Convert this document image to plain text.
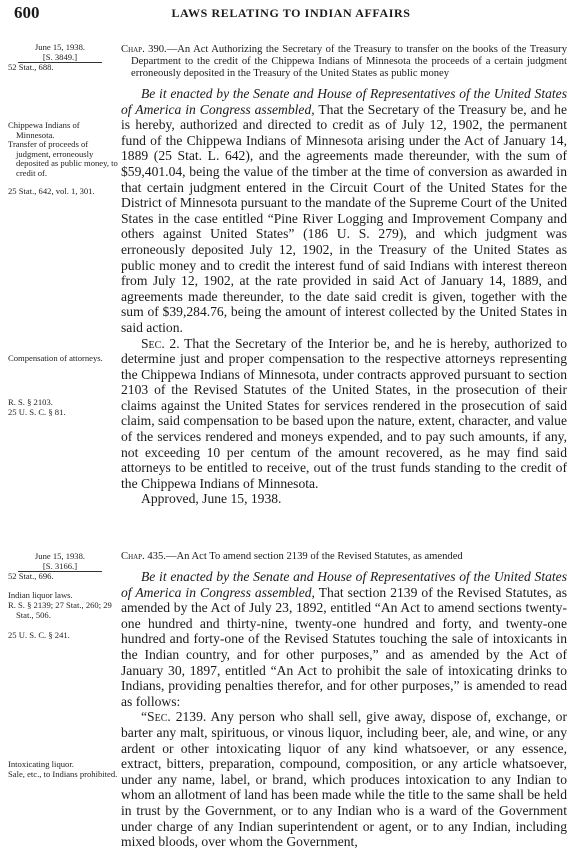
600	LAWS RELATING TO INDIAN AFFAIRS
June 15, 1938.
[S. 3849.]
52 Stat., 688.
Chippewa Indians of Minnesota.
Transfer of proceeds of judgment, erroneously deposited as public money, to credit of.
25 Stat., 642, vol. 1, 301.
Compensation of attorneys.
R. S. § 2103.
25 U. S. C. § 81.
Chap. 390.—An Act Authorizing the Secretary of the Treasury to transfer on the books of the Treasury Department to the credit of the Chippewa Indians of Minnesota the proceeds of a certain judgment erroneously deposited in the Treasury of the United States as public money
Be it enacted by the Senate and House of Representatives of the United States of America in Congress assembled, That the Secretary of the Treasury be, and he is hereby, authorized and directed to credit as of July 12, 1902, the permanent fund of the Chippewa Indians of Minnesota arising under the Act of January 14, 1889 (25 Stat. L. 642), and the agreements made thereunder, with the sum of $59,401.04, being the value of the timber at the time of conversion as awarded in that certain judgment entered in the Circuit Court of the United States for the District of Minnesota pursuant to the mandate of the Supreme Court of the United States in the case entitled “Pine River Logging and Improvement Company and others against United States” (186 U. S. 279), and which judgment was erroneously deposited July 12, 1902, in the Treasury of the United States as public money and to credit the interest fund of said Indians with interest thereon from July 12, 1902, at the rate provided in said Act of January 14, 1889, and agreements made thereunder, to the date said credit is given, together with the sum of $39,284.76, being the amount of interest collected by the United States in said action.
Sec. 2. That the Secretary of the Interior be, and he is hereby, authorized to determine just and proper compensation to the respective attorneys representing the Chippewa Indians of Minnesota, under contracts approved pursuant to section 2103 of the Revised Statutes of the United States, in the prosecution of their claims against the United States for services rendered in the prosecution of said claim, said compensation to be based upon the nature, extent, character, and value of the services rendered and moneys expended, and to pay such amounts, if any, not exceeding 10 per centum of the amount recovered, as he may find said attorneys to be entitled to receive, out of the trust funds standing to the credit of the Chippewa Indians of Minnesota.
Approved, June 15, 1938.
June 15, 1938.
[S. 3166.]
52 Stat., 696.
Indian liquor laws.
R. S. § 2139; 27 Stat., 260; 29 Stat., 506.
25 U. S. C. § 241.
Intoxicating liquor.
Sale, etc., to Indians prohibited.
Chap. 435.—An Act To amend section 2139 of the Revised Statutes, as amended
Be it enacted by the Senate and House of Representatives of the United States of America in Congress assembled, That section 2139 of the Revised Statutes, as amended by the Act of July 23, 1892, entitled “An Act to amend sections twenty-one hundred and thirty-nine, twenty-one hundred and forty, and twenty-one hundred and forty-one of the Revised Statutes touching the sale of intoxicants in the Indian country, and for other purposes,” and as amended by the Act of January 30, 1897, entitled “An Act to prohibit the sale of intoxicating drinks to Indians, providing penalties therefor, and for other purposes,” is amended to read as follows:
“Sec. 2139. Any person who shall sell, give away, dispose of, exchange, or barter any malt, spirituous, or vinous liquor, including beer, ale, and wine, or any ardent or other intoxicating liquor of any kind whatsoever, or any essence, extract, bitters, preparation, compound, composition, or any article whatsoever, under any name, label, or brand, which produces intoxication to any Indian to whom an allotment of land has been made while the title to the same shall be held in trust by the Government, or to any Indian who is a ward of the Government under charge of any Indian superintendent or agent, or to any Indian, including mixed bloods, over whom the Government,
